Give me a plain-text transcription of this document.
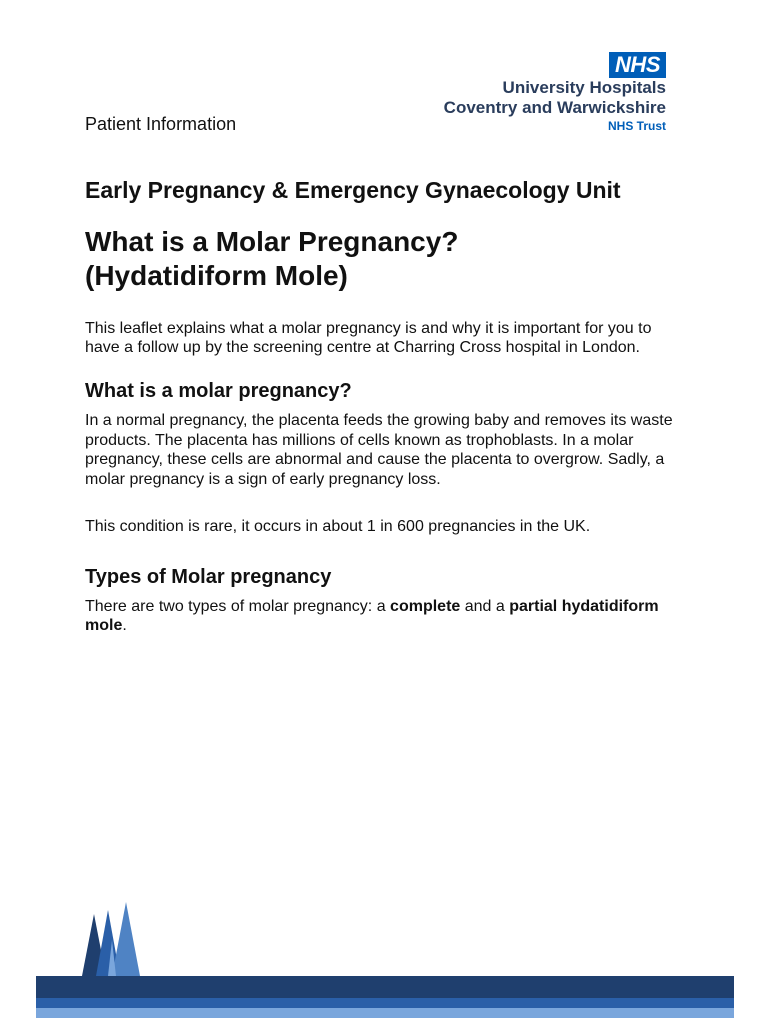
NHS
University Hospitals
Coventry and Warwickshire
NHS Trust
Patient Information
Early Pregnancy & Emergency Gynaecology Unit
What is a Molar Pregnancy?
(Hydatidiform Mole)

This leaflet explains what a molar pregnancy is and why it is important for you to have a follow up by the screening centre at Charring Cross hospital in London.

What is a molar pregnancy?

In a normal pregnancy, the placenta feeds the growing baby and removes its waste products. The placenta has millions of cells known as trophoblasts. In a molar pregnancy, these cells are abnormal and cause the placenta to overgrow. Sadly, a molar pregnancy is a sign of early pregnancy loss.

This condition is rare, it occurs in about 1 in 600 pregnancies in the UK.

Types of Molar pregnancy

There are two types of molar pregnancy: a complete and a partial hydatidiform mole.
